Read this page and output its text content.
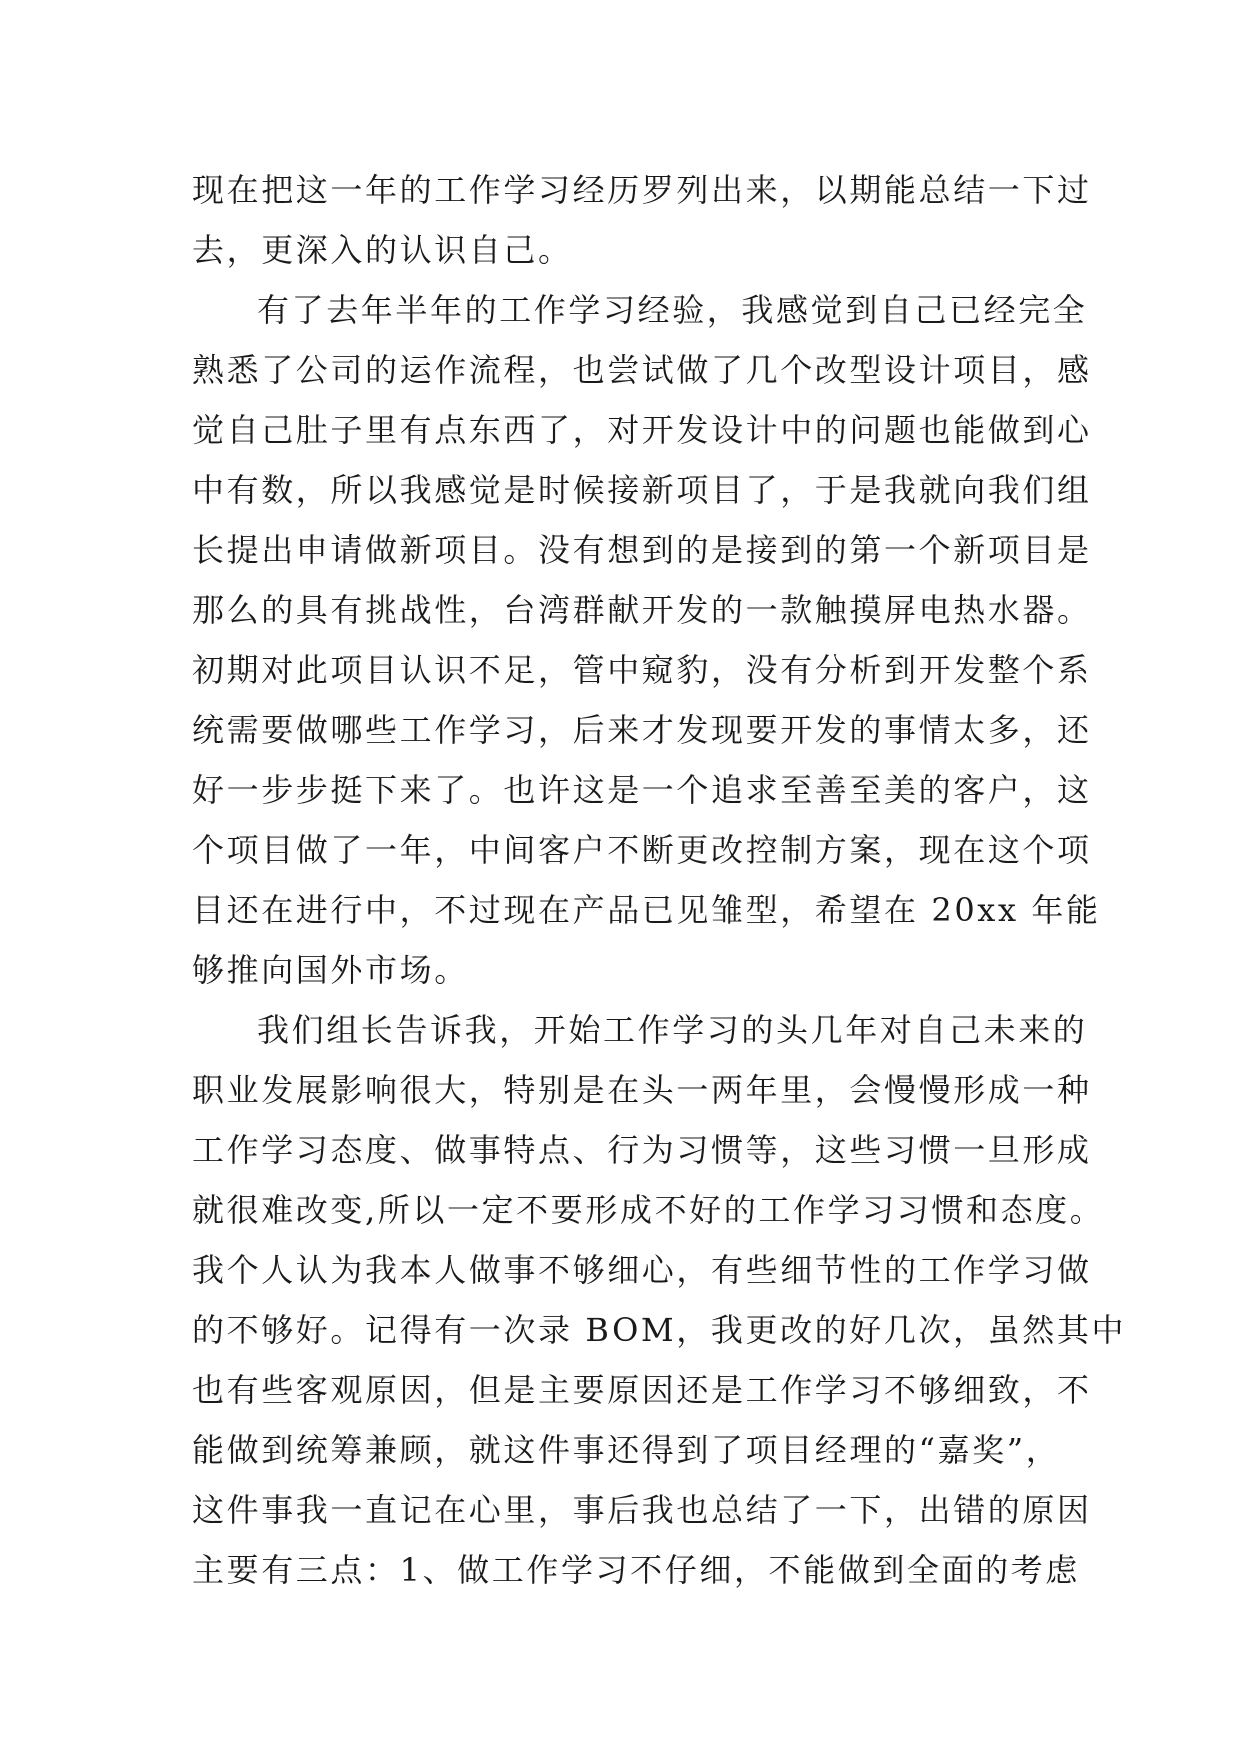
现在把这一年的工作学习经历罗列出来，以期能总结一下过
去，更深入的认识自己。
有了去年半年的工作学习经验，我感觉到自己已经完全
熟悉了公司的运作流程，也尝试做了几个改型设计项目，感
觉自己肚子里有点东西了，对开发设计中的问题也能做到心
中有数，所以我感觉是时候接新项目了，于是我就向我们组
长提出申请做新项目。没有想到的是接到的第一个新项目是
那么的具有挑战性，台湾群献开发的一款触摸屏电热水器。
初期对此项目认识不足，管中窥豹，没有分析到开发整个系
统需要做哪些工作学习，后来才发现要开发的事情太多，还
好一步步挺下来了。也许这是一个追求至善至美的客户，这
个项目做了一年，中间客户不断更改控制方案，现在这个项
目还在进行中，不过现在产品已见雏型，希望在 20xx 年能
够推向国外市场。
我们组长告诉我，开始工作学习的头几年对自己未来的
职业发展影响很大，特别是在头一两年里，会慢慢形成一种
工作学习态度、做事特点、行为习惯等，这些习惯一旦形成
就很难改变,所以一定不要形成不好的工作学习习惯和态度。
我个人认为我本人做事不够细心，有些细节性的工作学习做
的不够好。记得有一次录 BOM，我更改的好几次，虽然其中
也有些客观原因，但是主要原因还是工作学习不够细致，不
能做到统筹兼顾，就这件事还得到了项目经理的“嘉奖”，
这件事我一直记在心里，事后我也总结了一下，出错的原因
主要有三点：1、做工作学习不仔细，不能做到全面的考虑
